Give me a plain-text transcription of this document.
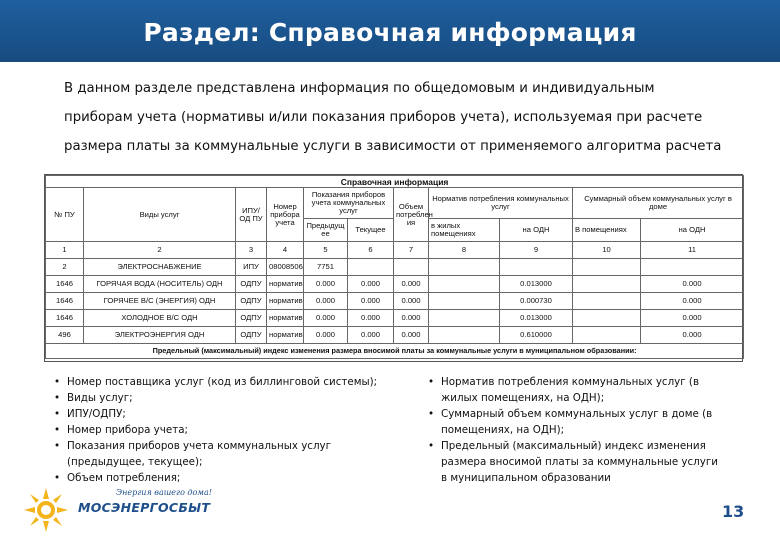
Раздел: Справочная информация

В данном разделе представлена информация по общедомовым и индивидуальным

приборам учета (нормативы и/или показания приборов учета), используемая при расчете

размера платы за коммунальные услуги в зависимости от применяемого алгоритма расчета

Справочная информация										
№ ПУ	Виды услуг	ИПУ/ОД ПУ	Номер прибора учета	Показания приборов учета коммунальных услуг		Объем потреблен ия	Норматив потребления коммунальных услуг		Суммарный объем коммунальных услуг в доме	
				Предыдущ ее	Текущее		в жилых помещениях	на ОДН	В помещениях	на ОДН
1	2	3	4	5	6	7	8	9	10	11
2	ЭЛЕКТРОСНАБЖЕНИЕ	ИПУ	08008506	7751						
1646	ГОРЯЧАЯ ВОДА (НОСИТЕЛЬ) ОДН	ОДПУ	норматив	0.000	0.000	0.000		0.013000		0.000
1646	ГОРЯЧЕЕ В/С (ЭНЕРГИЯ) ОДН	ОДПУ	норматив	0.000	0.000	0.000		0.000730		0.000
1646	ХОЛОДНОЕ В/С ОДН	ОДПУ	норматив	0.000	0.000	0.000		0.013000		0.000
496	ЭЛЕКТРОЭНЕРГИЯ ОДН	ОДПУ	норматив	0.000	0.000	0.000		0.610000		0.000
Предельный (максимальный) индекс изменения размера вносимой платы за коммунальные услуги в муниципальном образовании:										
• Номер поставщика услуг (код из биллинговой системы);
• Виды услуг;
• ИПУ/ОДПУ;
• Номер прибора учета;
• Показания приборов учета коммунальных услуг (предыдущее, текущее);
• Объем потребления;
• Норматив потребления коммунальных услуг (в жилых помещениях, на ОДН);
• Суммарный объем коммунальных услуг в доме (в помещениях, на ОДН);
• Предельный (максимальный) индекс изменения размера вносимой платы за коммунальные услуги в муниципальном образовании
Энергия вашего дома!
МОСЭНЕРГОСБЫТ	13
